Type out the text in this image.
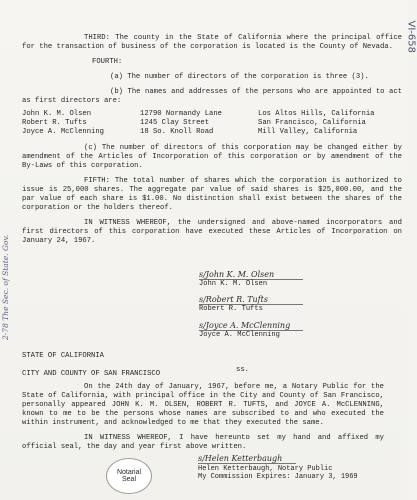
VI-658
2-78 The Sec. of State. Gov.

THIRD: The county in the State of California where the principal office for the transaction of business of the corporation is located is the County of Nevada.

FOURTH:

(a) The number of directors of the corporation is three (3).

(b) The names and addresses of the persons who are appointed to act as first directors are:

John K. M. Olsen	12790 Normandy Lane	Los Altos Hills, California
Robert R. Tufts	1245 Clay Street	San Francisco, California
Joyce A. McClenning	18 So. Knoll Road	Mill Valley, California

(c) The number of directors of this corporation may be changed either by amendment of the Articles of Incorporation of this corporation or by amendment of the By-Laws of this corporation.

FIFTH: The total number of shares which the corporation is authorized to issue is 25,000 shares. The aggregate par value of said shares is $25,000.00, and the par value of each share is $1.00. No distinction shall exist between the shares of the corporation or the holders thereof.

IN WITNESS WHEREOF, the undersigned and above-named incorporators and first directors of this corporation have executed these Articles of Incorporation on January 24, 1967.

s/John K. M. Olsen
John K. M. Olsen
s/Robert R. Tufts
Robert R. Tufts
s/Joyce A. McClenning
Joyce A. McClenning
STATE OF CALIFORNIA
CITY AND COUNTY OF SAN FRANCISCO	ss.

On the 24th day of January, 1967, before me, a Notary Public for the State of California, with principal office in the City and County of San Francisco, personally appeared JOHN K. M. OLSEN, ROBERT R. TUFTS, and JOYCE A. McCLENNING, known to me to be the persons whose names are subscribed to and who executed the within instrument, and acknowledged to me that they executed the same.

IN WITNESS WHEREOF, I have hereunto set my hand and affixed my official seal, the day and year first above written.

s/Helen Ketterbaugh
Helen Ketterbaugh, Notary Public
My Commission Expires: January 3, 1969
Notarial
Seal
